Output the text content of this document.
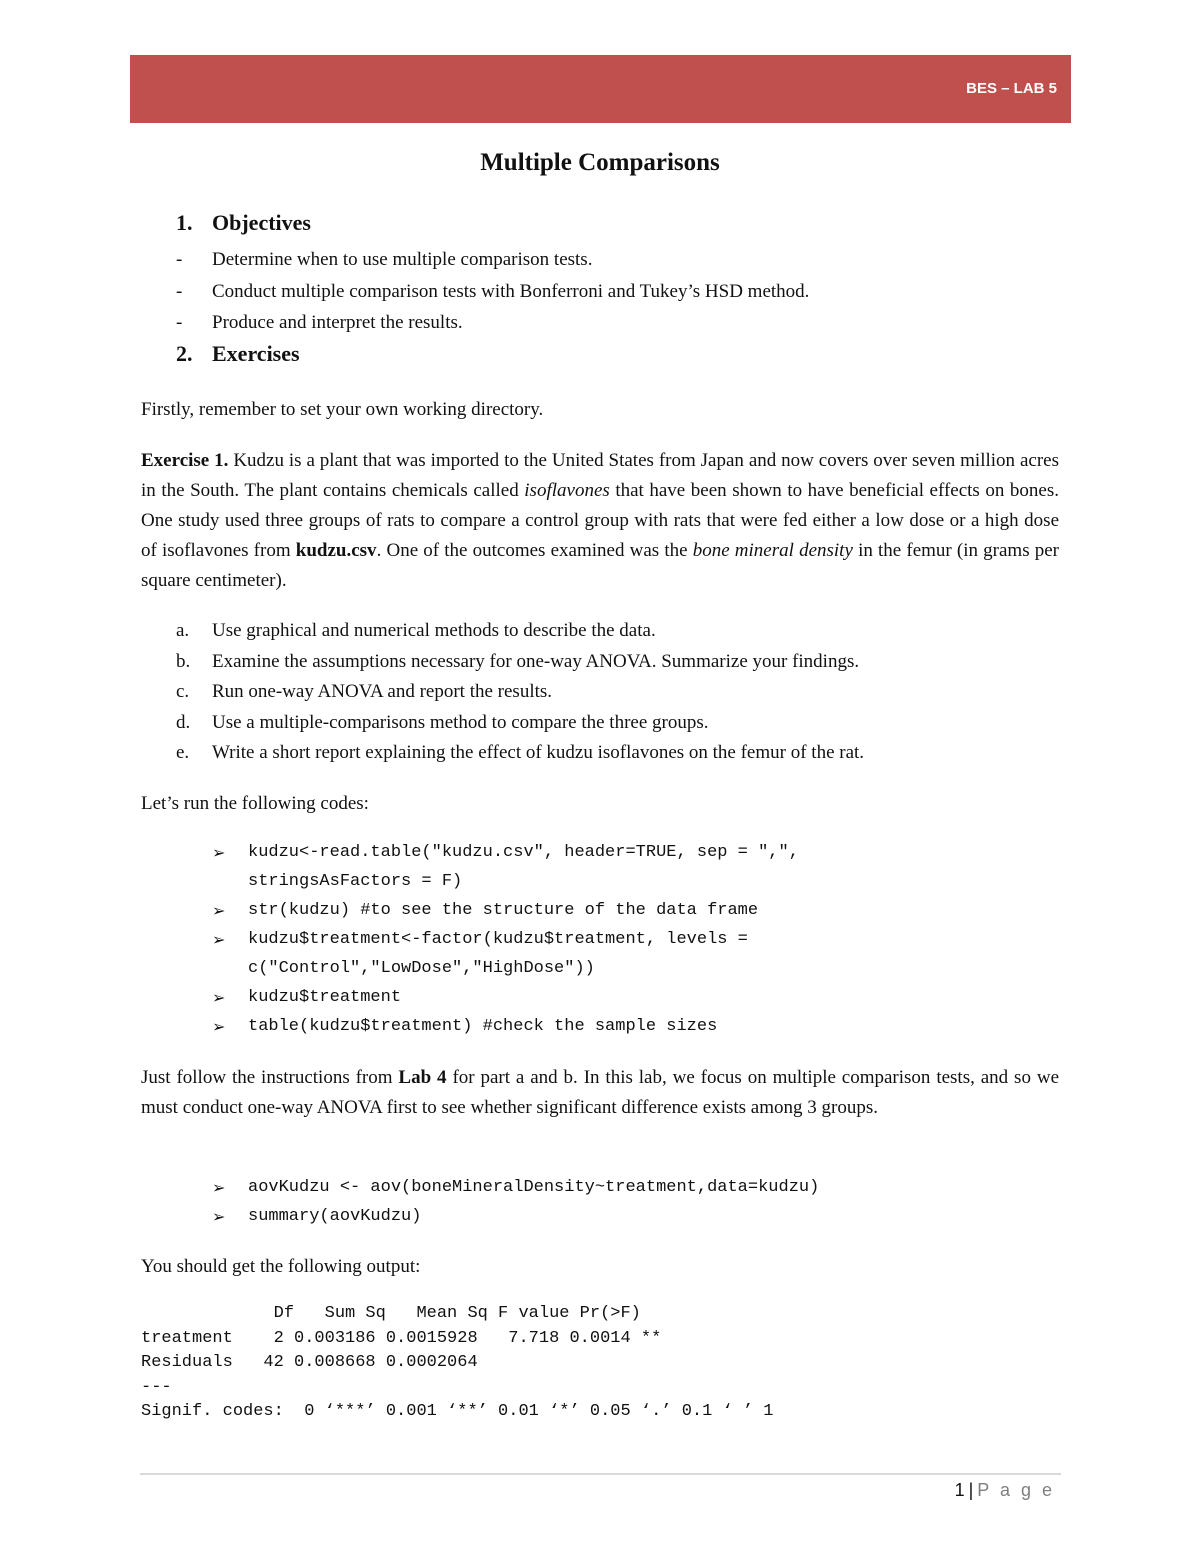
BES – LAB 5
Multiple Comparisons
1. Objectives
- Determine when to use multiple comparison tests.
- Conduct multiple comparison tests with Bonferroni and Tukey’s HSD method.
- Produce and interpret the results.
2. Exercises

Firstly, remember to set your own working directory.

Exercise 1. Kudzu is a plant that was imported to the United States from Japan and now covers over seven million acres in the South. The plant contains chemicals called isoflavones that have been shown to have beneficial effects on bones. One study used three groups of rats to compare a control group with rats that were fed either a low dose or a high dose of isoflavones from kudzu.csv. One of the outcomes examined was the bone mineral density in the femur (in grams per square centimeter).

a. Use graphical and numerical methods to describe the data.
b. Examine the assumptions necessary for one-way ANOVA. Summarize your findings.
c. Run one-way ANOVA and report the results.
d. Use a multiple-comparisons method to compare the three groups.
e. Write a short report explaining the effect of kudzu isoflavones on the femur of the rat.

Let’s run the following codes:

➢ kudzu<-read.table("kudzu.csv", header=TRUE, sep = ",", stringsAsFactors = F)
➢ str(kudzu) #to see the structure of the data frame
➢ kudzu$treatment<-factor(kudzu$treatment, levels = c("Control","LowDose","HighDose"))
➢ kudzu$treatment
➢ table(kudzu$treatment) #check the sample sizes

Just follow the instructions from Lab 4 for part a and b. In this lab, we focus on multiple comparison tests, and so we must conduct one-way ANOVA first to see whether significant difference exists among 3 groups.

➢ aovKudzu <- aov(boneMineralDensity~treatment,data=kudzu)
➢ summary(aovKudzu)

You should get the following output:

Df   Sum Sq   Mean Sq F value Pr(>F)
treatment    2 0.003186 0.0015928   7.718 0.0014 **
Residuals   42 0.008668 0.0002064
---
Signif. codes:  0 ‘***’ 0.001 ‘**’ 0.01 ‘*’ 0.05 ‘.’ 0.1 ‘ ’ 1
1 | P a g e
